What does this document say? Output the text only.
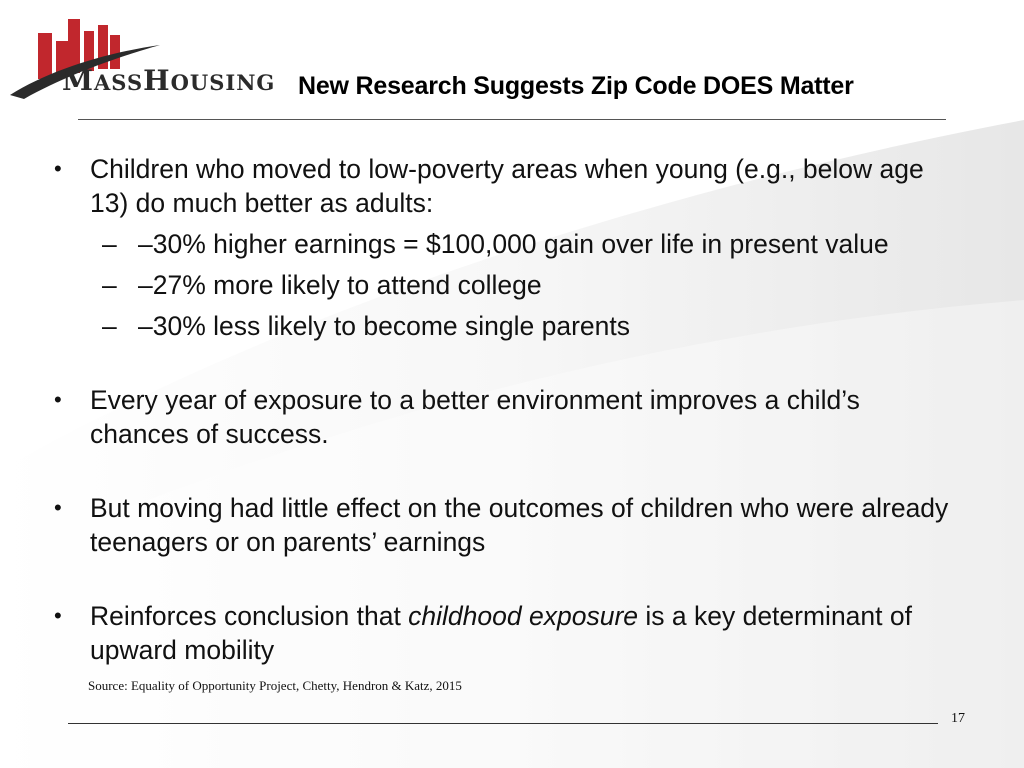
MASSHOUSING New Research Suggests Zip Code DOES Matter
• Children who moved to low-poverty areas when young (e.g., below age 13) do much better as adults:
– –30% higher earnings = $100,000 gain over life in present value
– –27% more likely to attend college
– –30% less likely to become single parents
• Every year of exposure to a better environment improves a child’s chances of success.
• But moving had little effect on the outcomes of children who were already teenagers or on parents’ earnings
• Reinforces conclusion that childhood exposure is a key determinant of upward mobility
Source: Equality of Opportunity Project, Chetty, Hendron & Katz, 2015
17
